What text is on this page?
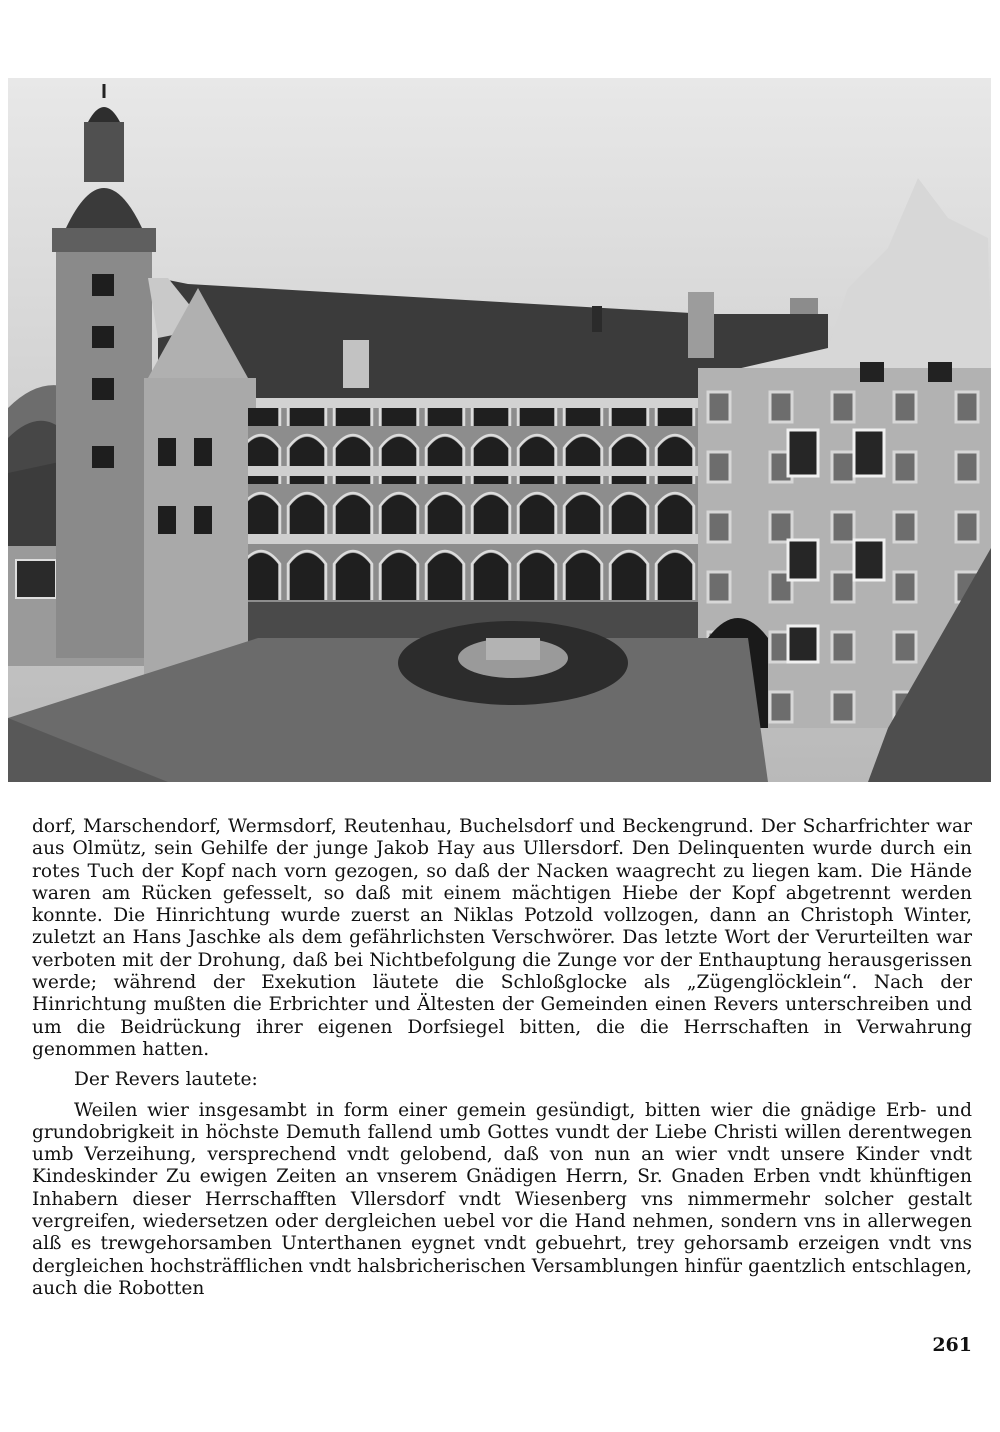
dorf, Marschendorf, Wermsdorf, Reutenhau, Buchelsdorf und Beckengrund. Der Scharfrichter war aus Olmütz, sein Gehilfe der junge Jakob Hay aus Ullersdorf. Den Delinquenten wurde durch ein rotes Tuch der Kopf nach vorn gezogen, so daß der Nacken waagrecht zu liegen kam. Die Hände waren am Rücken gefesselt, so daß mit einem mächtigen Hiebe der Kopf abgetrennt werden konnte. Die Hinrichtung wurde zuerst an Niklas Potzold vollzogen, dann an Christoph Winter, zuletzt an Hans Jaschke als dem gefährlichsten Verschwörer. Das letzte Wort der Verurteilten war verboten mit der Drohung, daß bei Nichtbefolgung die Zunge vor der Enthauptung herausgerissen werde; während der Exekution läutete die Schloßglocke als „Zügenglöcklein“. Nach der Hinrichtung mußten die Erbrichter und Ältesten der Gemeinden einen Revers unterschreiben und um die Beidrückung ihrer eigenen Dorfsiegel bitten, die die Herrschaften in Verwahrung genommen hatten.

Der Revers lautete:

Weilen wier insgesambt in form einer gemein gesündigt, bitten wier die gnädige Erb- und grundobrigkeit in höchste Demuth fallend umb Gottes vundt der Liebe Christi willen derentwegen umb Verzeihung, versprechend vndt gelobend, daß von nun an wier vndt unsere Kinder vndt Kindeskinder Zu ewigen Zeiten an vnserem Gnädigen Herrn, Sr. Gnaden Erben vndt khünftigen Inhabern dieser Herrschafften Vllersdorf vndt Wiesenberg vns nimmermehr solcher gestalt vergreifen, wiedersetzen oder dergleichen uebel vor die Hand nehmen, sondern vns in allerwegen alß es trewgehorsamben Unterthanen eygnet vndt gebuehrt, trey gehorsamb erzeigen vndt vns dergleichen hochsträfflichen vndt halsbricherischen Versamblungen hinfür gaentzlich entschlagen, auch die Robotten

261
